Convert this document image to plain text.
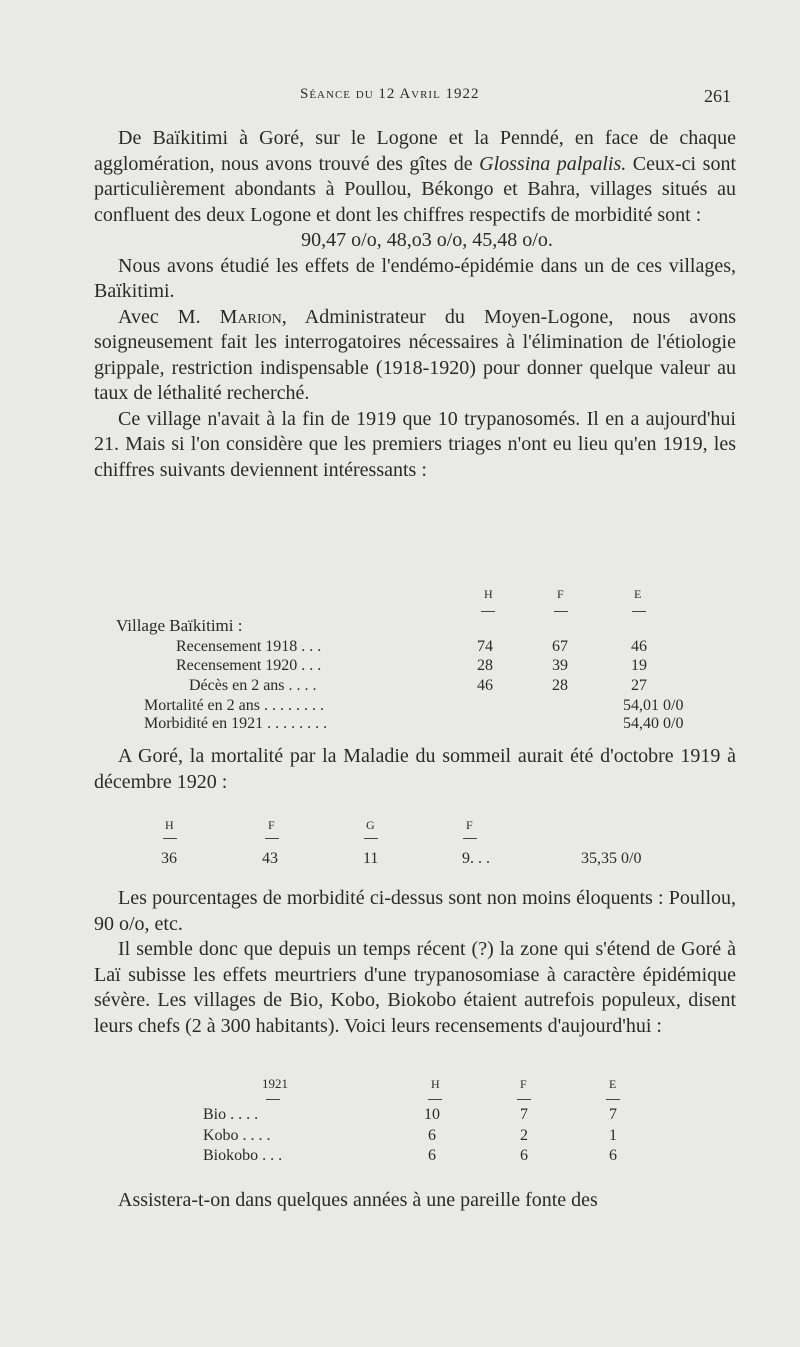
Séance du 12 Avril 1922	261

De Baïkitimi à Goré, sur le Logone et la Penndé, en face de chaque agglomération, nous avons trouvé des gîtes de Glossina palpalis. Ceux-ci sont particulièrement abondants à Poullou, Békongo et Bahra, villages situés au confluent des deux Logone et dont les chiffres respectifs de morbidité sont :

90,47 o/o, 48,o3 o/o, 45,48 o/o.

Nous avons étudié les effets de l'endémo-épidémie dans un de ces villages, Baïkitimi.

Avec M. Marion, Administrateur du Moyen-Logone, nous avons soigneusement fait les interrogatoires nécessaires à l'élimination de l'étiologie grippale, restriction indispensable (1918-1920) pour donner quelque valeur au taux de léthalité recherché.

Ce village n'avait à la fin de 1919 que 10 trypanosomés. Il en a aujourd'hui 21. Mais si l'on considère que les premiers triages n'ont eu lieu qu'en 1919, les chiffres suivants deviennent intéressants :

H	F	E
Village Baïkitimi :
Recensement 1918 . . .	74	67	46
Recensement 1920 . . .	28	39	19
Décès en 2 ans . . . .	46	28	27
Mortalité en 2 ans . . . . . . . .	54,01 0/0
Morbidité en 1921 . . . . . . . .	54,40 0/0

A Goré, la mortalité par la Maladie du sommeil aurait été d'octobre 1919 à décembre 1920 :

H	F	G	F
36	43	11	9. . .	35,35 0/0

Les pourcentages de morbidité ci-dessus sont non moins éloquents : Poullou, 90 o/o, etc.

Il semble donc que depuis un temps récent (?) la zone qui s'étend de Goré à Laï subisse les effets meurtriers d'une trypanosomiase à caractère épidémique sévère. Les villages de Bio, Kobo, Biokobo étaient autrefois populeux, disent leurs chefs (2 à 300 habitants). Voici leurs recensements d'aujourd'hui :

1921	H	F	E
Bio . . . .	10	7	7
Kobo . . . .	6	2	1
Biokobo . . .	6	6	6

Assistera-t-on dans quelques années à une pareille fonte des
